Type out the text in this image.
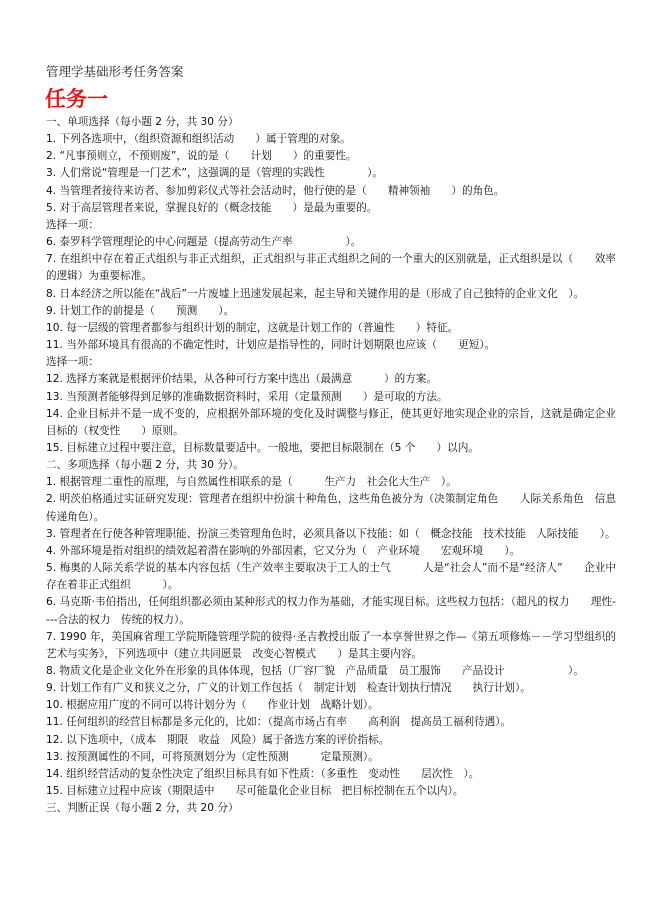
管理学基础形考任务答案

任务一

一、单项选择（每小题 2 分，共 30 分）

1. 下列各选项中，（组织资源和组织活动　　）属于管理的对象。

2. “凡事预则立，不预则废”，说的是（　　计划　　）的重要性。

3. 人们常说“管理是一门艺术”，这强调的是（管理的实践性　　　　）。

4. 当管理者接待来访者、参加剪彩仪式等社会活动时，他行使的是（　　精神领袖　　）的角色。

5. 对于高层管理者来说，掌握良好的（概念技能　　）是最为重要的。

选择一项：

6. 泰罗科学管理理论的中心问题是（提高劳动生产率　　　　　）。

7. 在组织中存在着正式组织与非正式组织，正式组织与非正式组织之间的一个重大的区别就是，正式组织是以（　　效率的逻辑）为重要标准。

8. 日本经济之所以能在“战后”一片废墟上迅速发展起来，起主导和关键作用的是（形成了自己独特的企业文化　）。

9. 计划工作的前提是（　　预测　　）。

10. 每一层级的管理者都参与组织计划的制定，这就是计划工作的（普遍性　　）特征。

11. 当外部环境具有很高的不确定性时，计划应是指导性的，同时计划期限也应该（　　更短）。

选择一项：

12. 选择方案就是根据评价结果，从各种可行方案中选出（最满意　　　）的方案。

13. 当预测者能够得到足够的准确数据资料时，采用（定量预测　　）是可取的方法。

14. 企业目标并不是一成不变的，应根据外部环境的变化及时调整与修正，使其更好地实现企业的宗旨，这就是确定企业目标的（权变性　　）原则。

15. 目标建立过程中要注意，目标数量要适中。一般地，要把目标限制在（5 个　　）以内。

二、多项选择（每小题 2 分，共 30 分）。

1. 根据管理二重性的原理，与自然属性相联系的是（　　　生产力　社会化大生产　）。

2. 明茨伯格通过实证研究发现：管理者在组织中扮演十种角色，这些角色被分为（决策制定角色　　人际关系角色　信息传递角色）。

3. 管理者在行使各种管理职能、扮演三类管理角色时，必须具备以下技能：如（　概念技能　技术技能　人际技能　　）。

4. 外部环境是指对组织的绩效起着潜在影响的外部因素，它又分为（　产业环境　　宏观环境　　）。

5. 梅奥的人际关系学说的基本内容包括（生产效率主要取决于工人的士气　　　人是“社会人”而不是“经济人”　　企业中存在着非正式组织　　　）。

6. 马克斯·韦伯指出，任何组织都必须由某种形式的权力作为基础，才能实现目标。这些权力包括：（超凡的权力　　理性----合法的权力　传统的权力）。

7. 1990 年，美国麻省理工学院斯隆管理学院的彼得·圣吉教授出版了一本享誉世界之作—《第五项修炼－－学习型组织的艺术与实务》，下列选项中（建立共同愿景　改变心智模式　　）是其主要内容。

8. 物质文化是企业文化外在形象的具体体现，包括（厂容厂貌　产品质量　员工服饰　　产品设计　　　　　　）。

9. 计划工作有广义和狭义之分，广义的计划工作包括（　制定计划　检查计划执行情况　　执行计划）。

10. 根据应用广度的不同可以将计划分为（　　作业计划　战略计划）。

11. 任何组织的经营目标都是多元化的，比如：（提高市场占有率　　高利润　提高员工福利待遇）。

12. 以下选项中，（成本　期限　收益　风险）属于备选方案的评价指标。

13. 按预测属性的不同，可将预测划分为（定性预测　　　定量预测）。

14. 组织经营活动的复杂性决定了组织目标具有如下性质：（多重性　变动性　　层次性　）。

15. 目标建立过程中应该（期限适中　　尽可能量化企业目标　把目标控制在五个以内）。

三、判断正误（每小题 2 分，共 20 分）
